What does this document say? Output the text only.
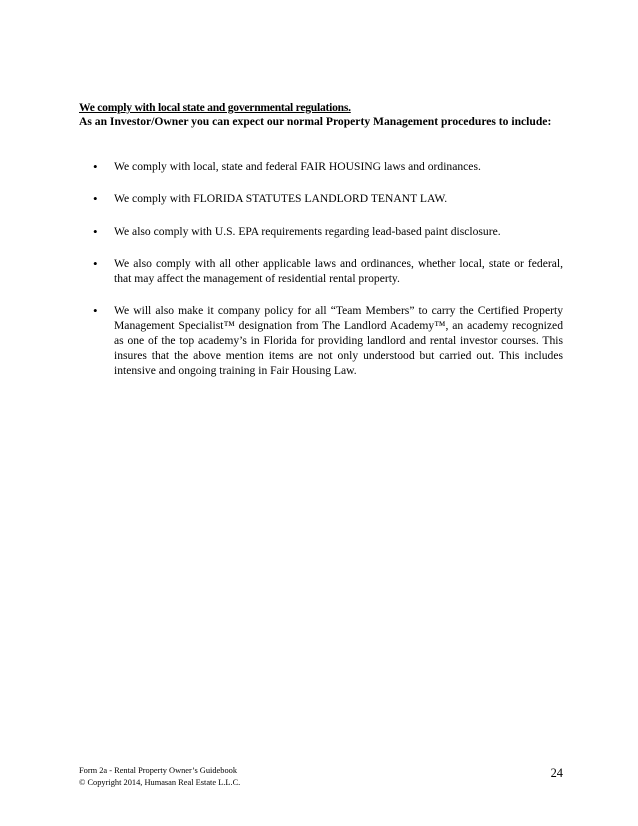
We comply with local state and governmental regulations.

As an Investor/Owner you can expect our normal Property Management procedures to include:

• We comply with local, state and federal FAIR HOUSING laws and ordinances.
• We comply with FLORIDA STATUTES LANDLORD TENANT LAW.
• We also comply with U.S. EPA requirements regarding lead-based paint disclosure.
• We also comply with all other applicable laws and ordinances, whether local, state or federal, that may affect the management of residential rental property.
• We will also make it company policy for all “Team Members” to carry the Certified Property Management Specialist™ designation from The Landlord Academy™, an academy recognized as one of the top academy’s in Florida for providing landlord and rental investor courses. This insures that the above mention items are not only understood but carried out. This includes intensive and ongoing training in Fair Housing Law.

Form 2a - Rental Property Owner’s Guidebook

© Copyright 2014, Humasan Real Estate L.L.C.

24
